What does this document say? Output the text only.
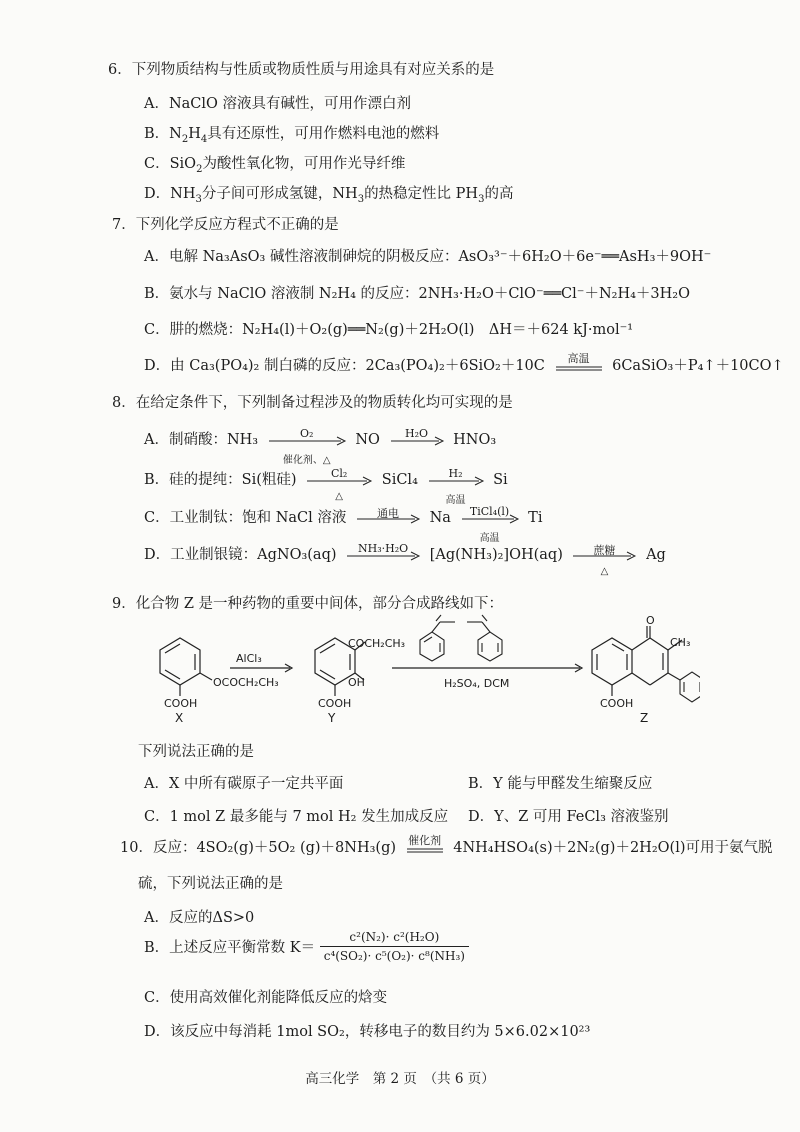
6．下列物质结构与性质或物质性质与用途具有对应关系的是
A．NaClO 溶液具有碱性，可用作漂白剂
B．$N_2H_4$具有还原性，可用作燃料电池的燃料
C．SiO$_2$为酸性氧化物，可用作光导纤维
D．$NH_3$分子间可形成氢键，$NH_3$的热稳定性比 $PH_3$的高
7．下列化学反应方程式不正确的是
A．电解 Na₃AsO₃ 碱性溶液制砷烷的阴极反应：AsO₃³⁻＋6H₂O＋6e⁻══AsH₃＋9OH⁻
B．氨水与 NaClO 溶液制 N₂H₄ 的反应：2NH₃·H₂O＋ClO⁻══Cl⁻＋N₂H₄＋3H₂O
C．肼的燃烧：N₂H₄(l)＋O₂(g)══N₂(g)＋2H₂O(l)　ΔH＝＋624 kJ·mol⁻¹
D．由 Ca₃(PO₄)₂ 制白磷的反应：2Ca₃(PO₄)₂＋6SiO₂＋10C	高温	6CaSiO₃＋P₄↑＋10CO↑
8．在给定条件下，下列制备过程涉及的物质转化均可实现的是
A．制硝酸：NH₃	O₂
催化剂、△
NO	H₂O	HNO₃
B．硅的提纯：Si(粗硅)	Cl₂
△
SiCl₄	H₂
高温
Si
C．工业制钛：饱和 NaCl 溶液	通电	Na	TiCl₄(l)
高温
Ti
D．工业制银镜：AgNO₃(aq)	NH₃·H₂O	[Ag(NH₃)₂]OH(aq)	蔗糖
△
Ag
9．化合物 Z 是一种药物的重要中间体，部分合成路线如下：
AlCl₃
OCOCH₂CH₃
COOH
X
COCH₂CH₃
OH
COOH
Y
H₂SO₄, DCM
O
CH₃
COOH
Z
下列说法正确的是
A．X 中所有碳原子一定共平面	B．Y 能与甲醛发生缩聚反应
C．1 mol Z 最多能与 7 mol H₂ 发生加成反应 D．Y、Z 可用 FeCl₃ 溶液鉴别
10．反应：4SO₂(g)＋5O₂ (g)＋8NH₃(g)	催化剂 4NH₄HSO₄(s)＋2N₂(g)＋2H₂O(l)可用于氨气脱
硫，下列说法正确的是
A．反应的ΔS>0
B．上述反应平衡常数 $K= \frac{\text{c²(N₂)· c²(H₂O)}}{\text{c⁴(SO₂)· c⁵(O₂)· c⁸(NH₃)}}$
C．使用高效催化剂能降低反应的焓变
D．该反应中每消耗 1mol SO₂，转移电子的数目约为 5×6.02×10²³
高三化学　第 2 页　（共 6 页）
